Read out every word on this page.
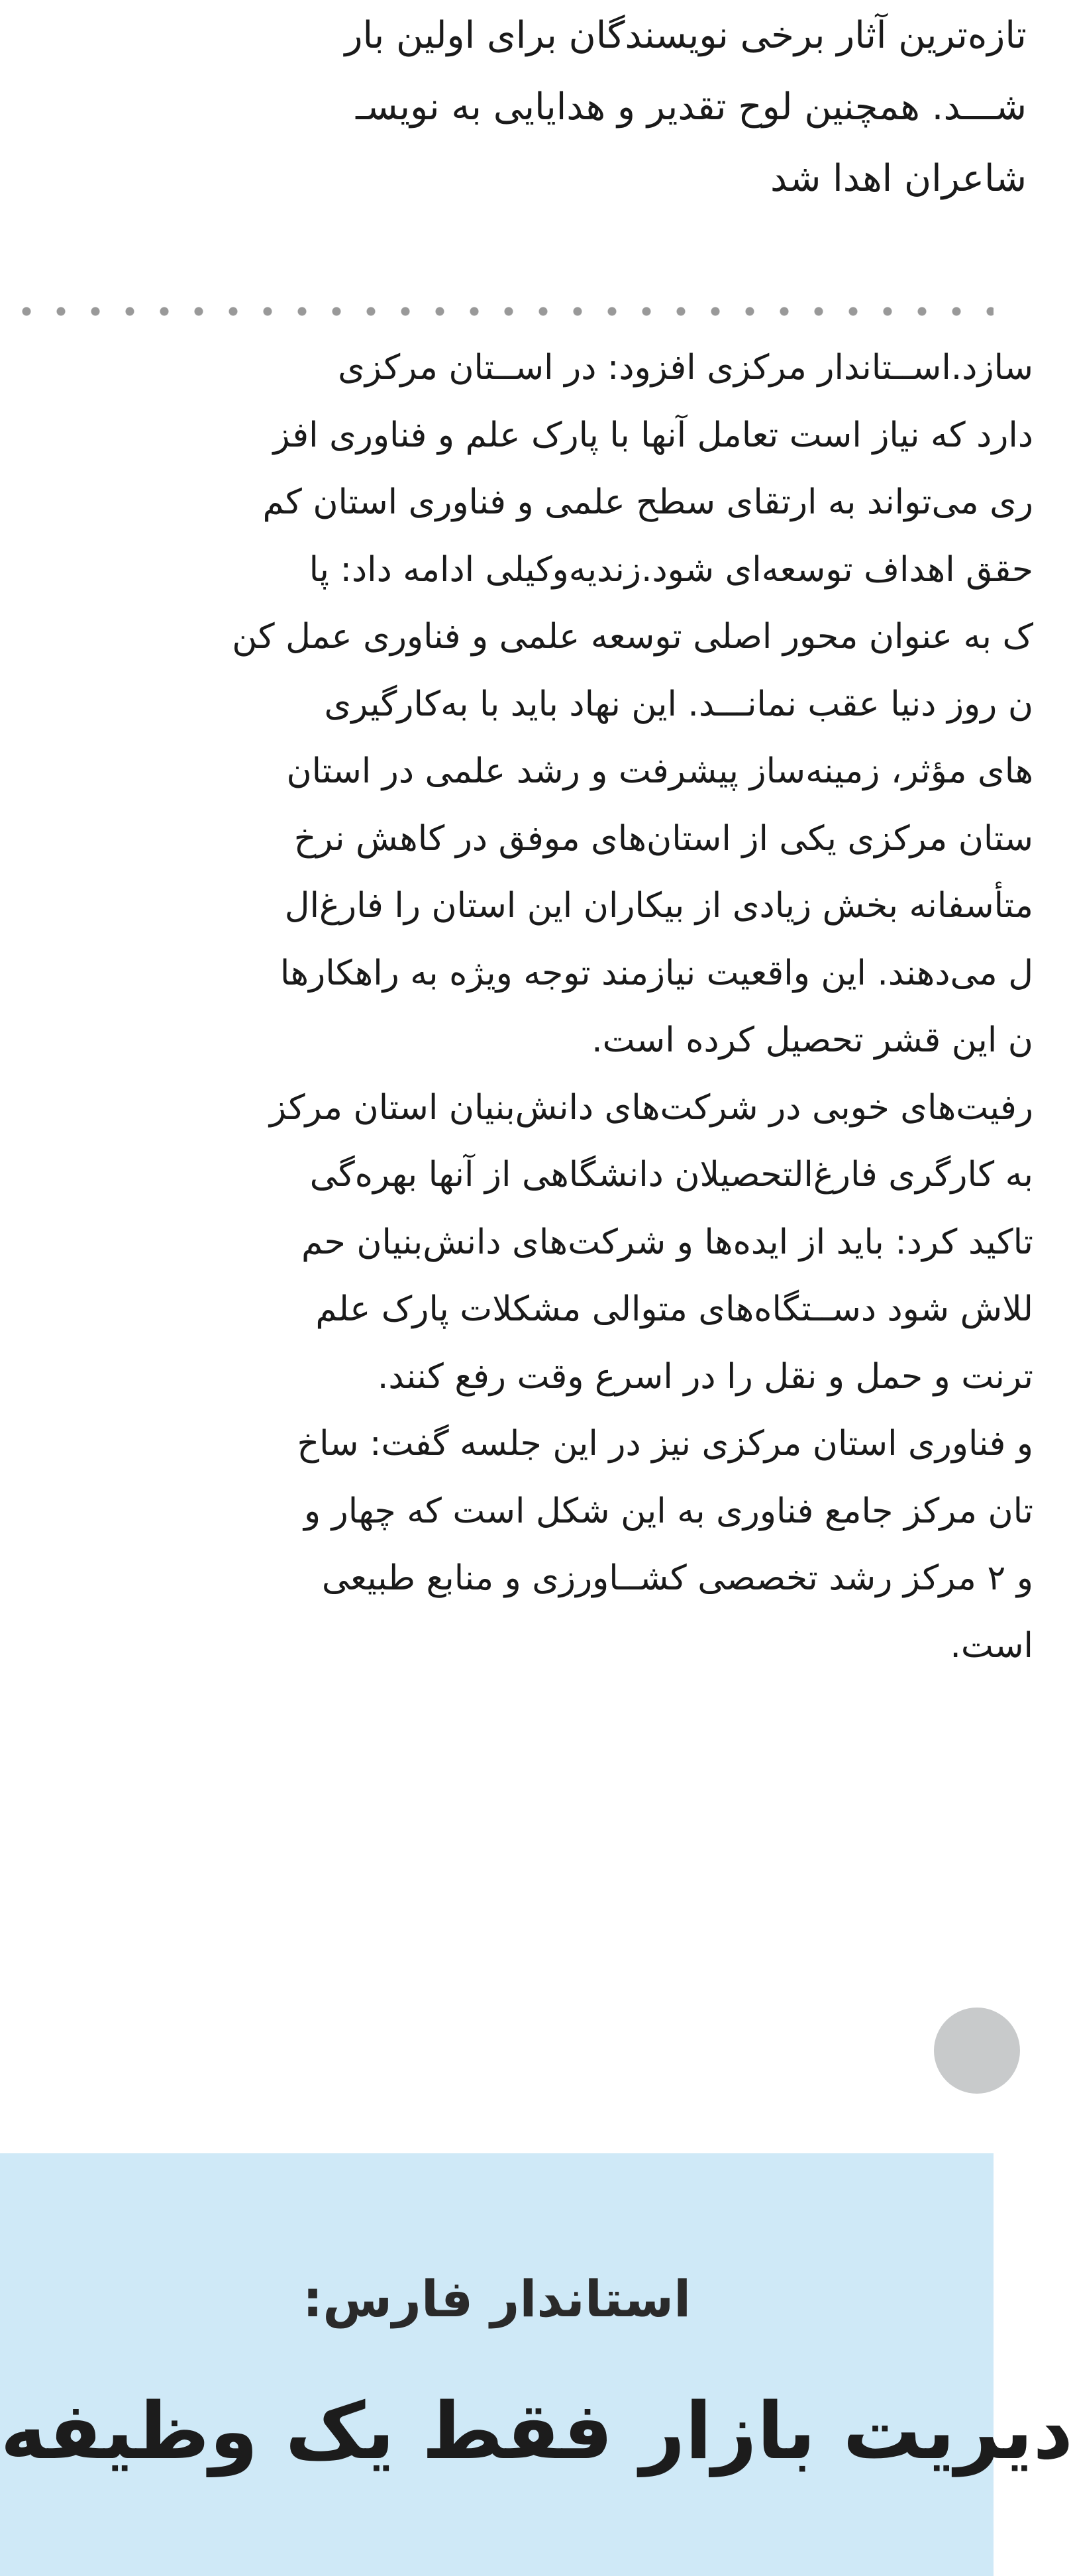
تازه‌ترین آثار برخی نویسندگان برای اولین بار
شـــد. همچنین لوح تقدیر و هدایایی به نویسـ
شاعران اهدا شد
سازد.اســتاندار مرکزی افزود: در اســتان مرکزی
دارد که نیاز است تعامل آنها با پارک علم و فناوری افز
ری می‌تواند به ارتقای سطح علمی و فناوری استان کم
حقق اهداف توسعه‌ای شود.زندیه‌وکیلی ادامه داد: پا
ک به عنوان محور اصلی توسعه علمی و فناوری عمل کن
ن روز دنیا عقب نمانـــد. این نهاد باید با به‌کارگیری
های مؤثر، زمینه‌ساز پیشرفت و رشد علمی در استان
ستان مرکزی یکی از استان‌های موفق در کاهش نرخ
متأسفانه بخش زیادی از بیکاران این استان را فارغ‌ال
ل می‌دهند. این واقعیت نیازمند توجه ویژه به راهکارها
ن این قشر تحصیل کرده است.
رفیت‌های خوبی در شرکت‌های دانش‌بنیان استان مرکز
به کارگری فارغ‌التحصیلان دانشگاهی از آنها بهره‌گی
تاکید کرد: باید از ایده‌ها و شرکت‌های دانش‌بنیان حم
للاش شود دســتگاه‌های متوالی مشکلات پارک علم
ترنت و حمل و نقل را در اسرع وقت رفع کنند.
و فناوری استان مرکزی نیز در این جلسه گفت: ساخ
تان مرکز جامع فناوری به این شکل است که چهار و
و ۲ مرکز رشد تخصصی کشــاورزی و منابع طبیعی
است.
استاندار فارس:
دیریت بازار فقط یک وظیفه
